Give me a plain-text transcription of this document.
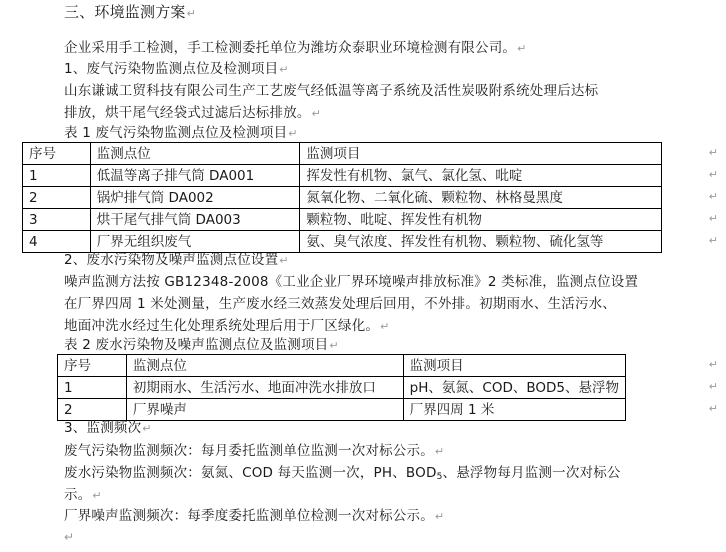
三、环境监测方案↵
企业采用手工检测，手工检测委托单位为潍坊众泰职业环境检测有限公司。↵
1、废气污染物监测点位及检测项目↵
山东谦诚工贸科技有限公司生产工艺废气经低温等离子系统及活性炭吸附系统处理后达标
排放，烘干尾气经袋式过滤后达标排放。↵
表 1 废气污染物监测点位及检测项目↵
序号	监测点位	监测项目
1	低温等离子排气筒 DA001	挥发性有机物、氯气、氯化氢、吡啶
2	锅炉排气筒 DA002	氮氧化物、二氧化硫、颗粒物、林格曼黑度
3	烘干尾气排气筒 DA003	颗粒物、吡啶、挥发性有机物
4	厂界无组织废气	氨、臭气浓度、挥发性有机物、颗粒物、硫化氢等
2、废水污染物及噪声监测点位设置↵
噪声监测方法按 GB12348-2008《工业企业厂界环境噪声排放标准》2 类标准，监测点位设置
在厂界四周 1 米处测量，生产废水经三效蒸发处理后回用，不外排。初期雨水、生活污水、
地面冲洗水经过生化处理系统处理后用于厂区绿化。↵
表 2 废水污染物及噪声监测点位及监测项目↵
序号	监测点位	监测项目
1	初期雨水、生活污水、地面冲洗水排放口	pH、氨氮、COD、BOD5、悬浮物
2	厂界噪声	厂界四周 1 米
3、监测频次↵
废气污染物监测频次：每月委托监测单位监测一次对标公示。↵
废水污染物监测频次：氨氮、COD 每天监测一次，PH、$BOD_5$、悬浮物每月监测一次对标公
示。↵
厂界噪声监测频次：每季度委托监测单位检测一次对标公示。↵
↵
↵
↵
↵
↵
↵
↵
↵
↵
